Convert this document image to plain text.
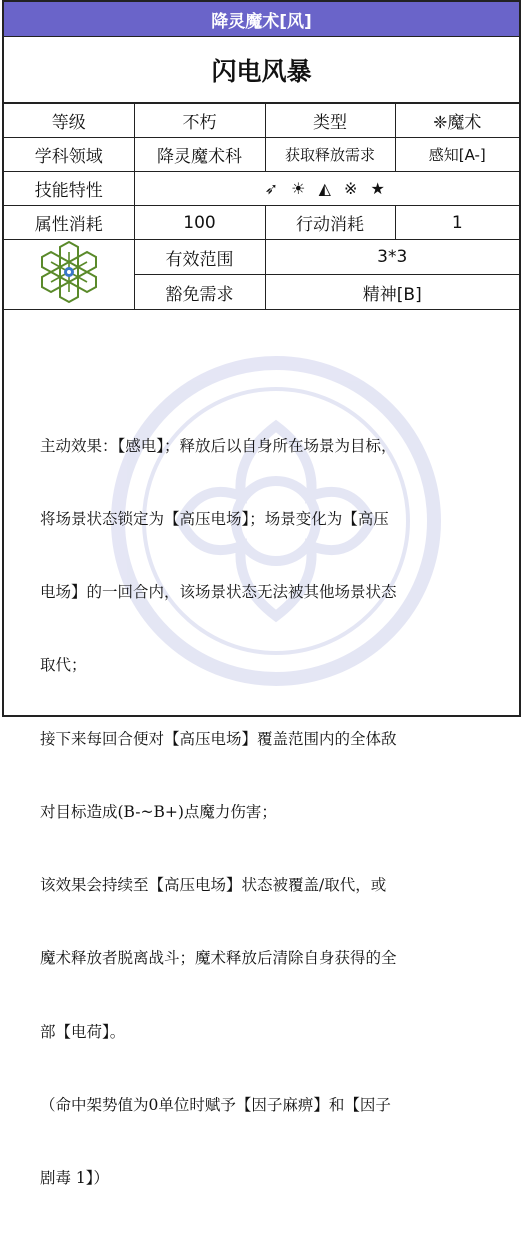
降灵魔术[风]
闪电风暴
等级	不朽	类型	❈魔术
学科领域	降灵魔术科	获取释放需求	感知[A-]
技能特性	➶ ☀ ◭ ※ ★		
属性消耗	100	行动消耗	1
	有效范围	3*3	
	豁免需求	精神[B]	

主动效果：【感电】；释放后以自身所在场景为目标，

将场景状态锁定为【高压电场】；场景变化为【高压

电场】的一回合内，该场景状态无法被其他场景状态

取代；

接下来每回合便对【高压电场】覆盖范围内的全体敌

对目标造成(B-~B+)点魔力伤害；

该效果会持续至【高压电场】状态被覆盖/取代，或

魔术释放者脱离战斗；魔术释放后清除自身获得的全

部【电荷】。

（命中架势值为0单位时赋予【因子麻痹】和【因子

剧毒 1】）
